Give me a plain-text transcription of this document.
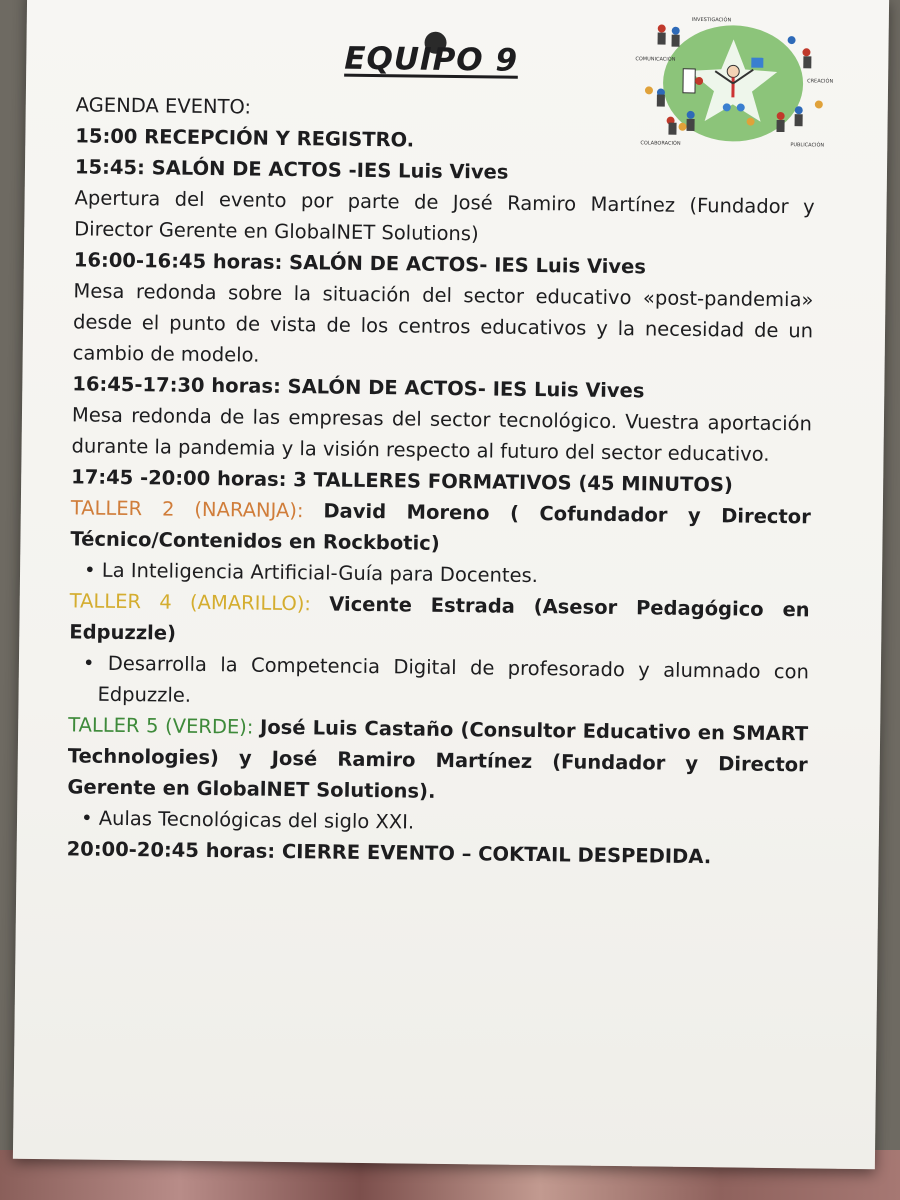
INVESTIGACIÓN
COMUNICACIÓN
CREACIÓN
COLABORACIÓN	PUBLICACIÓN
EQUIPO 9

AGENDA EVENTO:

15:00 RECEPCIÓN Y REGISTRO.

15:45: SALÓN DE ACTOS -IES Luis Vives

Apertura del evento por parte de José Ramiro Martínez (Fundador y Director Gerente en GlobalNET Solutions)

16:00-16:45 horas: SALÓN DE ACTOS- IES Luis Vives

Mesa redonda sobre la situación del sector educativo «post-pandemia» desde el punto de vista de los centros educativos y la necesidad de un cambio de modelo.

16:45-17:30 horas: SALÓN DE ACTOS- IES Luis Vives

Mesa redonda de las empresas del sector tecnológico. Vuestra aportación durante la pandemia y la visión respecto al futuro del sector educativo.

17:45 -20:00 horas: 3 TALLERES FORMATIVOS (45 MINUTOS)

TALLER 2 (NARANJA): David Moreno ( Cofundador y Director Técnico/Contenidos en Rockbotic)

• La Inteligencia Artificial-Guía para Docentes.

TALLER 4 (AMARILLO): Vicente Estrada (Asesor Pedagógico en Edpuzzle)

• Desarrolla la Competencia Digital de profesorado y alumnado con Edpuzzle.

TALLER 5 (VERDE): José Luis Castaño (Consultor Educativo en SMART Technologies) y José Ramiro Martínez (Fundador y Director Gerente en GlobalNET Solutions).

• Aulas Tecnológicas del siglo XXI.

20:00-20:45 horas: CIERRE EVENTO – COKTAIL DESPEDIDA.
